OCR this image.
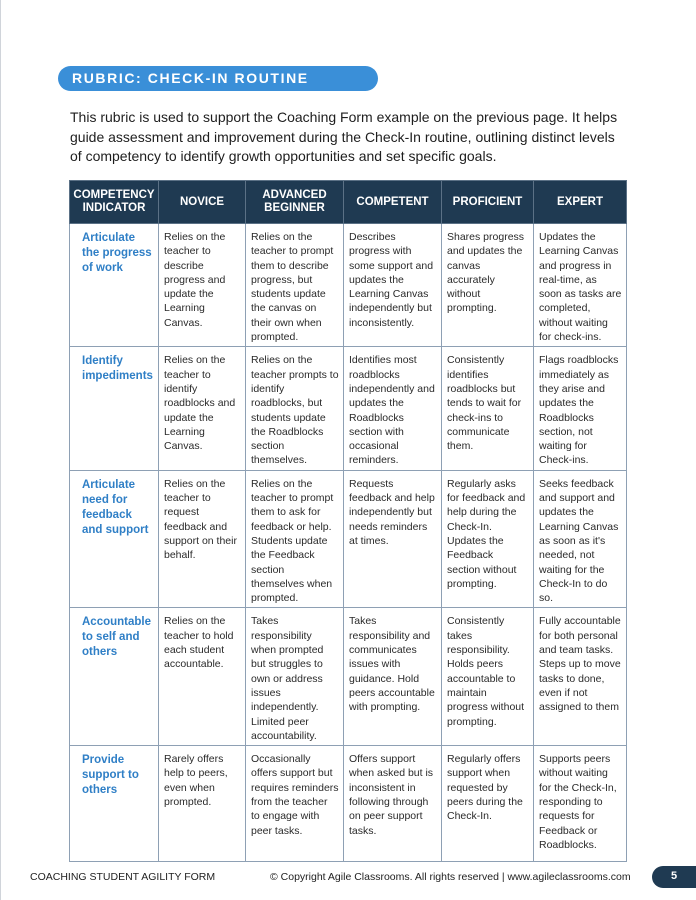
RUBRIC: CHECK-IN ROUTINE

This rubric is used to support the Coaching Form example on the previous page. It helps guide assessment and improvement during the Check-In routine, outlining distinct levels of competency to identify growth opportunities and set specific goals.

COMPETENCY INDICATOR	NOVICE	ADVANCED BEGINNER	COMPETENT	PROFICIENT	EXPERT
Articulate the progress of work	Relies on the teacher to describe progress and update the Learning Canvas.	Relies on the teacher to prompt them to describe progress, but students update the canvas on their own when prompted.	Describes progress with some support and updates the Learning Canvas independently but inconsistently.	Shares progress and updates the canvas accurately without prompting.	Updates the Learning Canvas and progress in real-time, as soon as tasks are completed, without waiting for check-ins.
Identify impediments	Relies on the teacher to identify roadblocks and update the Learning Canvas.	Relies on the teacher prompts to identify roadblocks, but students update the Roadblocks section themselves.	Identifies most roadblocks independently and updates the Roadblocks section with occasional reminders.	Consistently identifies roadblocks but tends to wait for check-ins to communicate them.	Flags roadblocks immediately as they arise and updates the Roadblocks section, not waiting for Check-ins.
Articulate need for feedback and support	Relies on the teacher to request feedback and support on their behalf.	Relies on the teacher to prompt them to ask for feedback or help. Students update the Feedback section themselves when prompted.	Requests feedback and help independently but needs reminders at times.	Regularly asks for feedback and help during the Check-In. Updates the Feedback section without prompting.	Seeks feedback and support and updates the Learning Canvas as soon as it's needed, not waiting for the Check-In to do so.
Accountable to self and others	Relies on the teacher to hold each student accountable.	Takes responsibility when prompted but struggles to own or address issues independently. Limited peer accountability.	Takes responsibility and communicates issues with guidance. Hold peers accountable with prompting.	Consistently takes responsibility. Holds peers accountable to maintain progress without prompting.	Fully accountable for both personal and team tasks. Steps up to move tasks to done, even if not assigned to them
Provide support to others	Rarely offers help to peers, even when prompted.	Occasionally offers support but requires reminders from the teacher to engage with peer tasks.	Offers support when asked but is inconsistent in following through on peer support tasks.	Regularly offers support when requested by peers during the Check-In.	Supports peers without waiting for the Check-In, responding to requests for Feedback or Roadblocks.
COACHING STUDENT AGILITY FORM	© Copyright Agile Classrooms. All rights reserved | www.agileclassrooms.com	5
